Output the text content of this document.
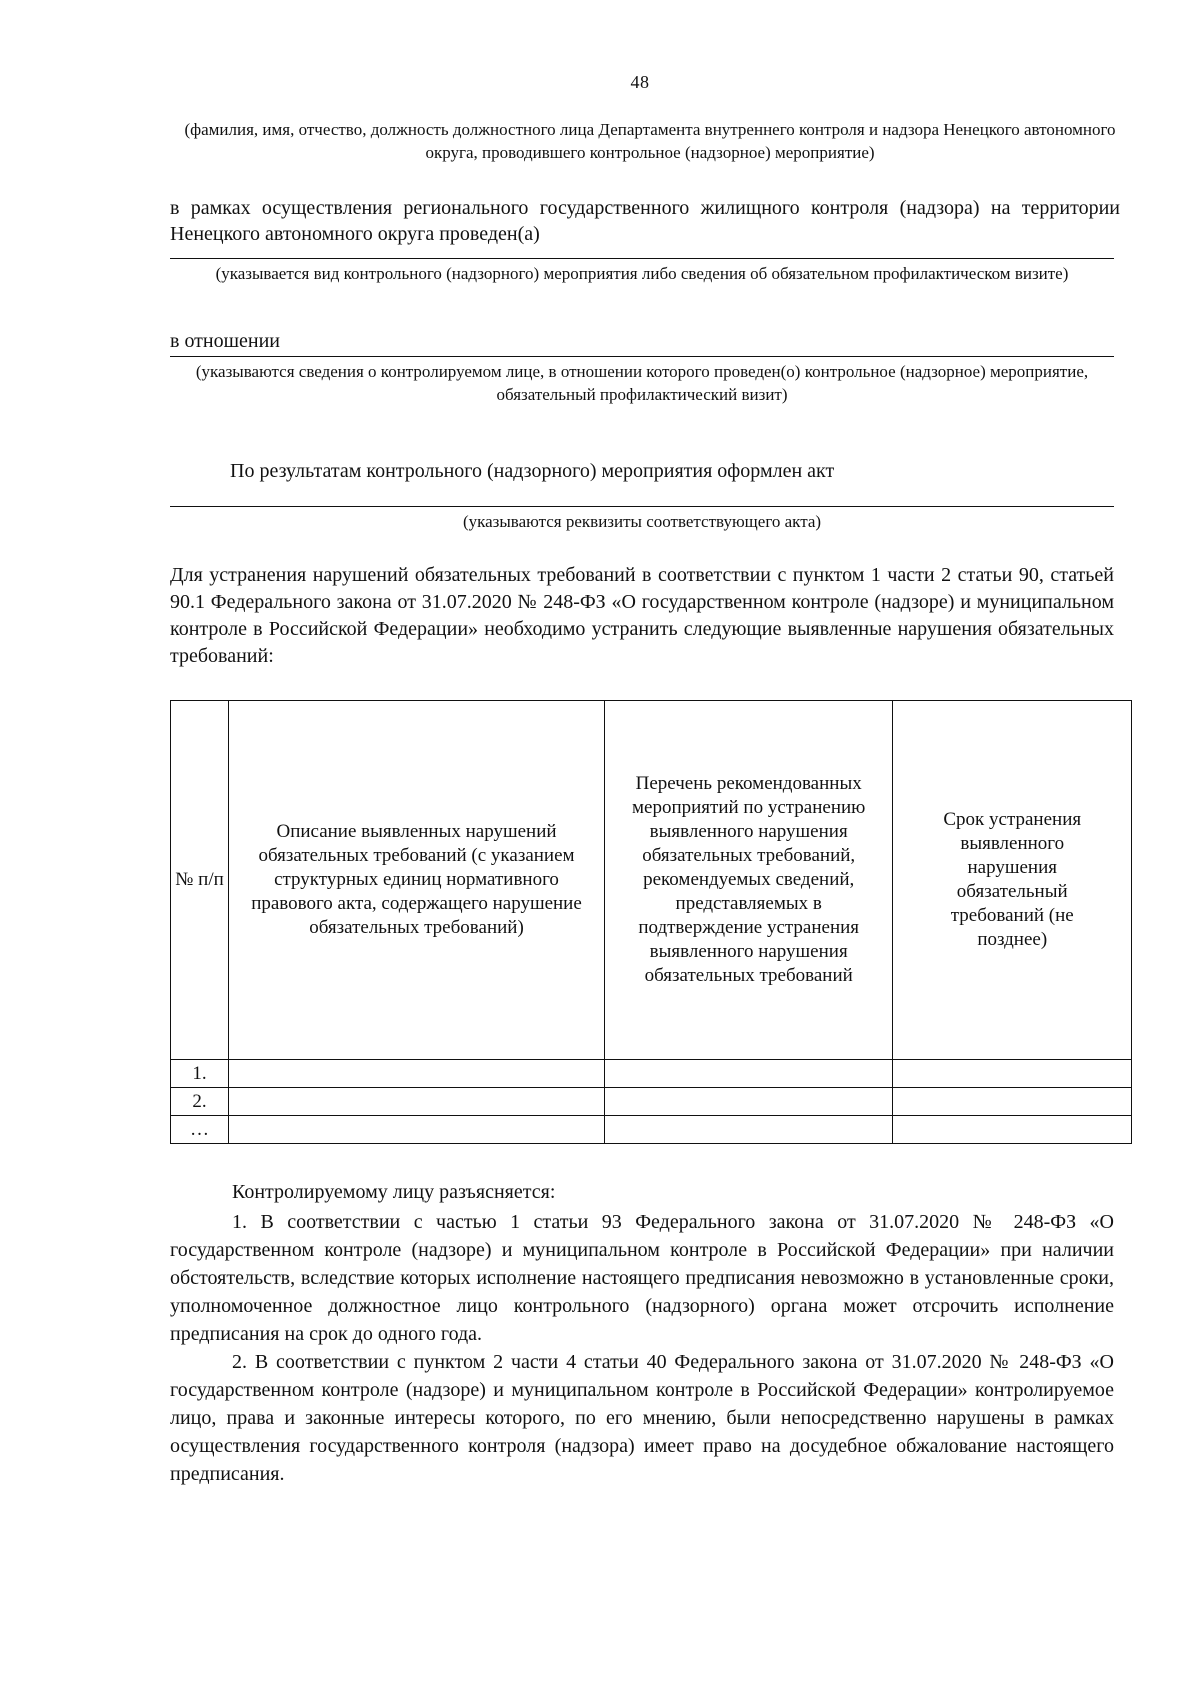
48
(фамилия, имя, отчество, должность должностного лица Департамента внутреннего контроля и надзора Ненецкого автономного округа, проводившего контрольное (надзорное) мероприятие)
в рамках осуществления регионального государственного жилищного контроля (надзора) на территории Ненецкого автономного округа проведен(а)
(указывается вид контрольного (надзорного) мероприятия либо сведения об обязательном профилактическом визите)
в отношении
(указываются сведения о контролируемом лице, в отношении которого проведен(о) контрольное (надзорное) мероприятие, обязательный профилактический визит)
По результатам контрольного (надзорного) мероприятия оформлен акт
(указываются реквизиты соответствующего акта)
Для устранения нарушений обязательных требований в соответствии с пунктом 1 части 2 статьи 90, статьей 90.1 Федерального закона от 31.07.2020 № 248-ФЗ «О государственном контроле (надзоре) и муниципальном контроле в Российской Федерации» необходимо устранить следующие выявленные нарушения обязательных требований:
№ п/п	Описание выявленных нарушений обязательных требований (с указанием структурных единиц нормативного правового акта, содержащего нарушение обязательных требований)	Перечень рекомендованных мероприятий по устранению выявленного нарушения обязательных требований, рекомендуемых сведений, представляемых в подтверждение устранения выявленного нарушения обязательных требований	Срок устранения выявленного нарушения обязательный требований (не позднее)
1.			
2.			
…			

Контролируемому лицу разъясняется:

1. В соответствии с частью 1 статьи 93 Федерального закона от 31.07.2020 № 248-ФЗ «О государственном контроле (надзоре) и муниципальном контроле в Российской Федерации» при наличии обстоятельств, вследствие которых исполнение настоящего предписания невозможно в установленные сроки, уполномоченное должностное лицо контрольного (надзорного) органа может отсрочить исполнение предписания на срок до одного года.

2. В соответствии с пунктом 2 части 4 статьи 40 Федерального закона от 31.07.2020 № 248-ФЗ «О государственном контроле (надзоре) и муниципальном контроле в Российской Федерации» контролируемое лицо, права и законные интересы которого, по его мнению, были непосредственно нарушены в рамках осуществления государственного контроля (надзора) имеет право на досудебное обжалование настоящего предписания.
